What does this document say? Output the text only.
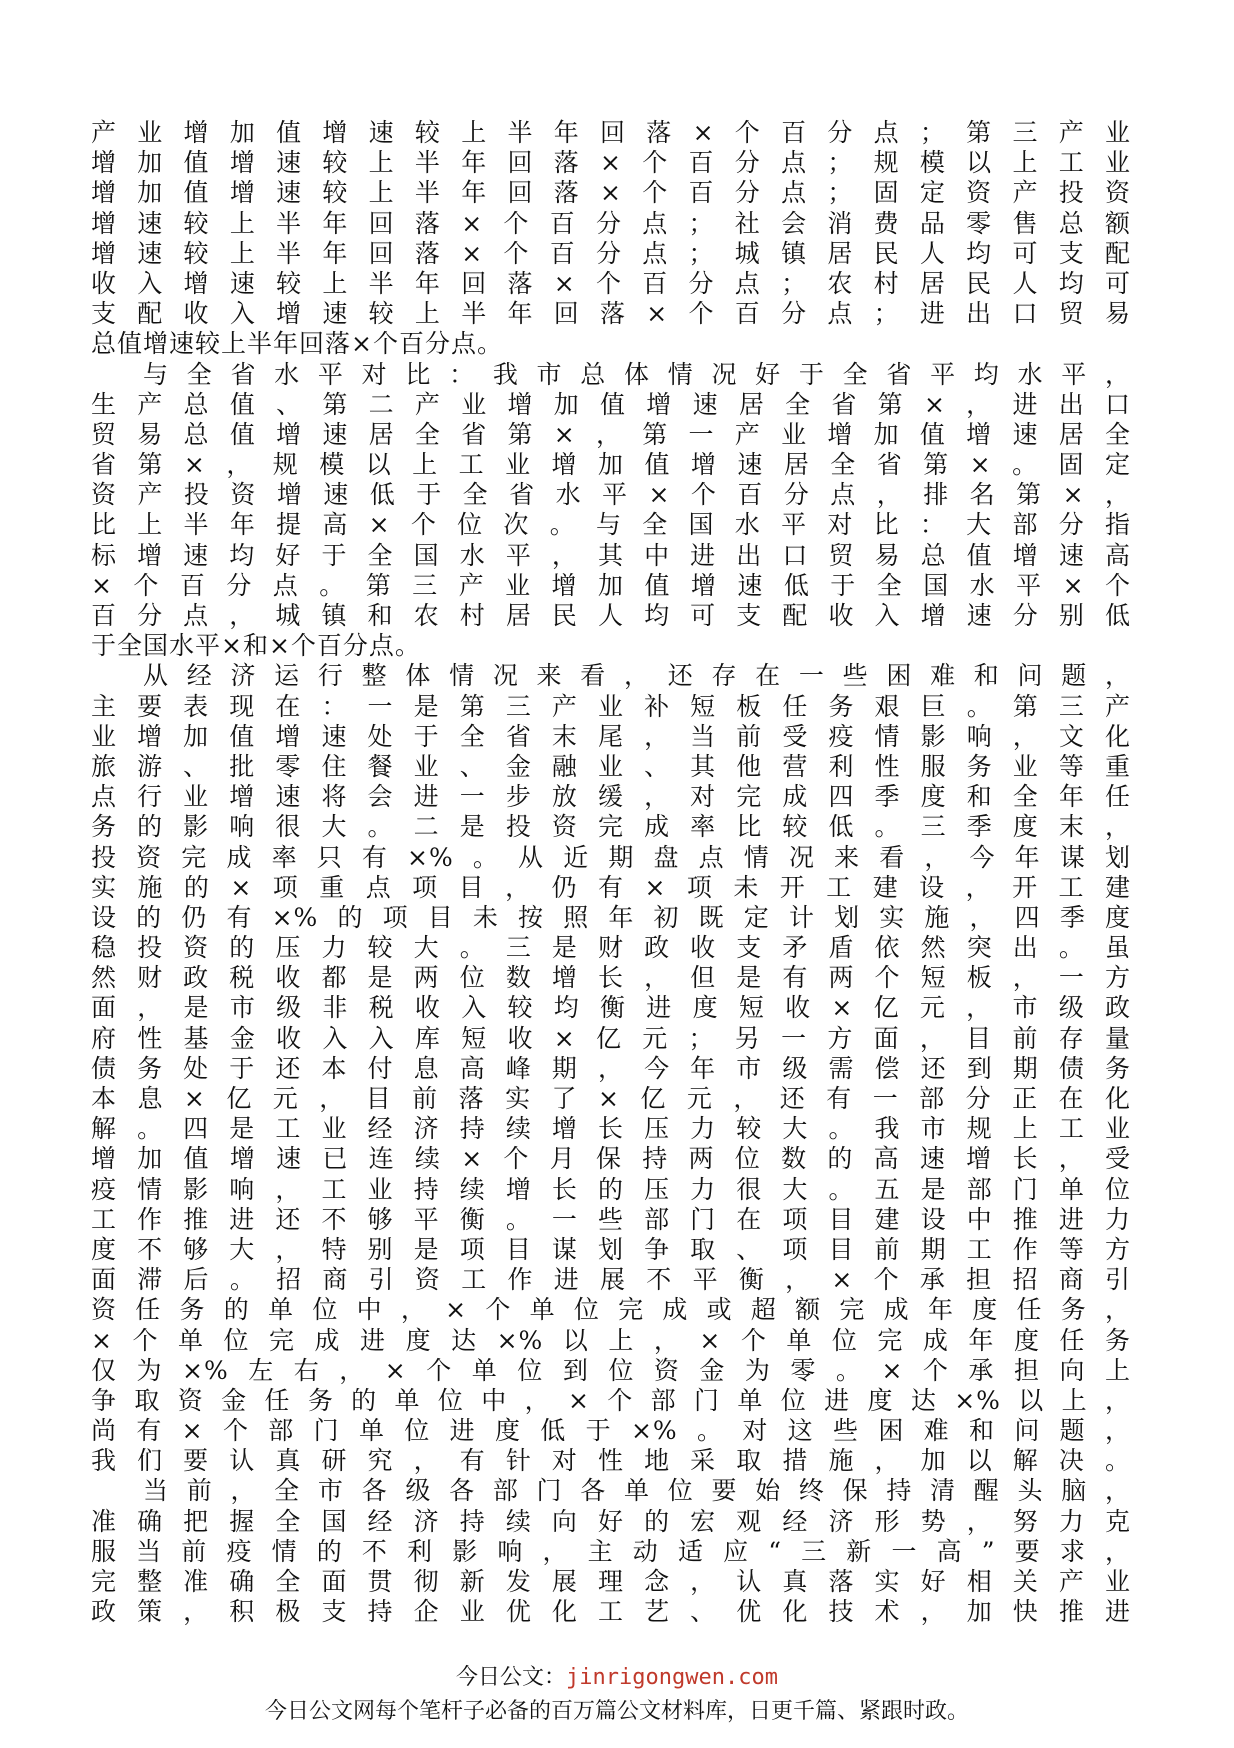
产业增加值增速较上半年回落×个百分点；第三产业
增加值增速较上半年回落×个百分点；规模以上工业
增加值增速较上半年回落×个百分点；固定资产投资
增速较上半年回落×个百分点；社会消费品零售总额
增速较上半年回落×个百分点；城镇居民人均可支配
收入增速较上半年回落×个百分点；农村居民人均可
支配收入增速较上半年回落×个百分点；进出口贸易
总值增速较上半年回落×个百分点。
与全省水平对比：我市总体情况好于全省平均水平，
生产总值、第二产业增加值增速居全省第×，进出口
贸易总值增速居全省第×，第一产业增加值增速居全
省第×，规模以上工业增加值增速居全省第×。固定
资产投资增速低于全省水平×个百分点，排名第×，
比上半年提高×个位次。与全国水平对比：大部分指
标增速均好于全国水平，其中进出口贸易总值增速高
×个百分点。第三产业增加值增速低于全国水平×个
百分点，城镇和农村居民人均可支配收入增速分别低
于全国水平×和×个百分点。
从经济运行整体情况来看，还存在一些困难和问题，
主要表现在：一是第三产业补短板任务艰巨。第三产
业增加值增速处于全省末尾，当前受疫情影响，文化
旅游、批零住餐业、金融业、其他营利性服务业等重
点行业增速将会进一步放缓，对完成四季度和全年任
务的影响很大。二是投资完成率比较低。三季度末，
投资完成率只有×%。从近期盘点情况来看，今年谋划
实施的×项重点项目，仍有×项未开工建设，开工建
设的仍有×%的项目未按照年初既定计划实施，四季度
稳投资的压力较大。三是财政收支矛盾依然突出。虽
然财政税收都是两位数增长，但是有两个短板，一方
面，是市级非税收入较均衡进度短收×亿元，市级政
府性基金收入入库短收×亿元；另一方面，目前存量
债务处于还本付息高峰期，今年市级需偿还到期债务
本息×亿元，目前落实了×亿元，还有一部分正在化
解。四是工业经济持续增长压力较大。我市规上工业
增加值增速已连续×个月保持两位数的高速增长，受
疫情影响，工业持续增长的压力很大。五是部门单位
工作推进还不够平衡。一些部门在项目建设中推进力
度不够大，特别是项目谋划争取、项目前期工作等方
面滞后。招商引资工作进展不平衡，×个承担招商引
资任务的单位中，×个单位完成或超额完成年度任务，
×个单位完成进度达×%以上，×个单位完成年度任务
仅为×%左右，×个单位到位资金为零。×个承担向上
争取资金任务的单位中，×个部门单位进度达×%以上，
尚有×个部门单位进度低于×%。对这些困难和问题，
我们要认真研究，有针对性地采取措施，加以解决。
当前，全市各级各部门各单位要始终保持清醒头脑，
准确把握全国经济持续向好的宏观经济形势，努力克
服当前疫情的不利影响，主动适应“三新一高”要求，
完整准确全面贯彻新发展理念，认真落实好相关产业
政策，积极支持企业优化工艺、优化技术，加快推进
今日公文：jinrigongwen.com
今日公文网每个笔杆子必备的百万篇公文材料库，日更千篇、紧跟时政。
